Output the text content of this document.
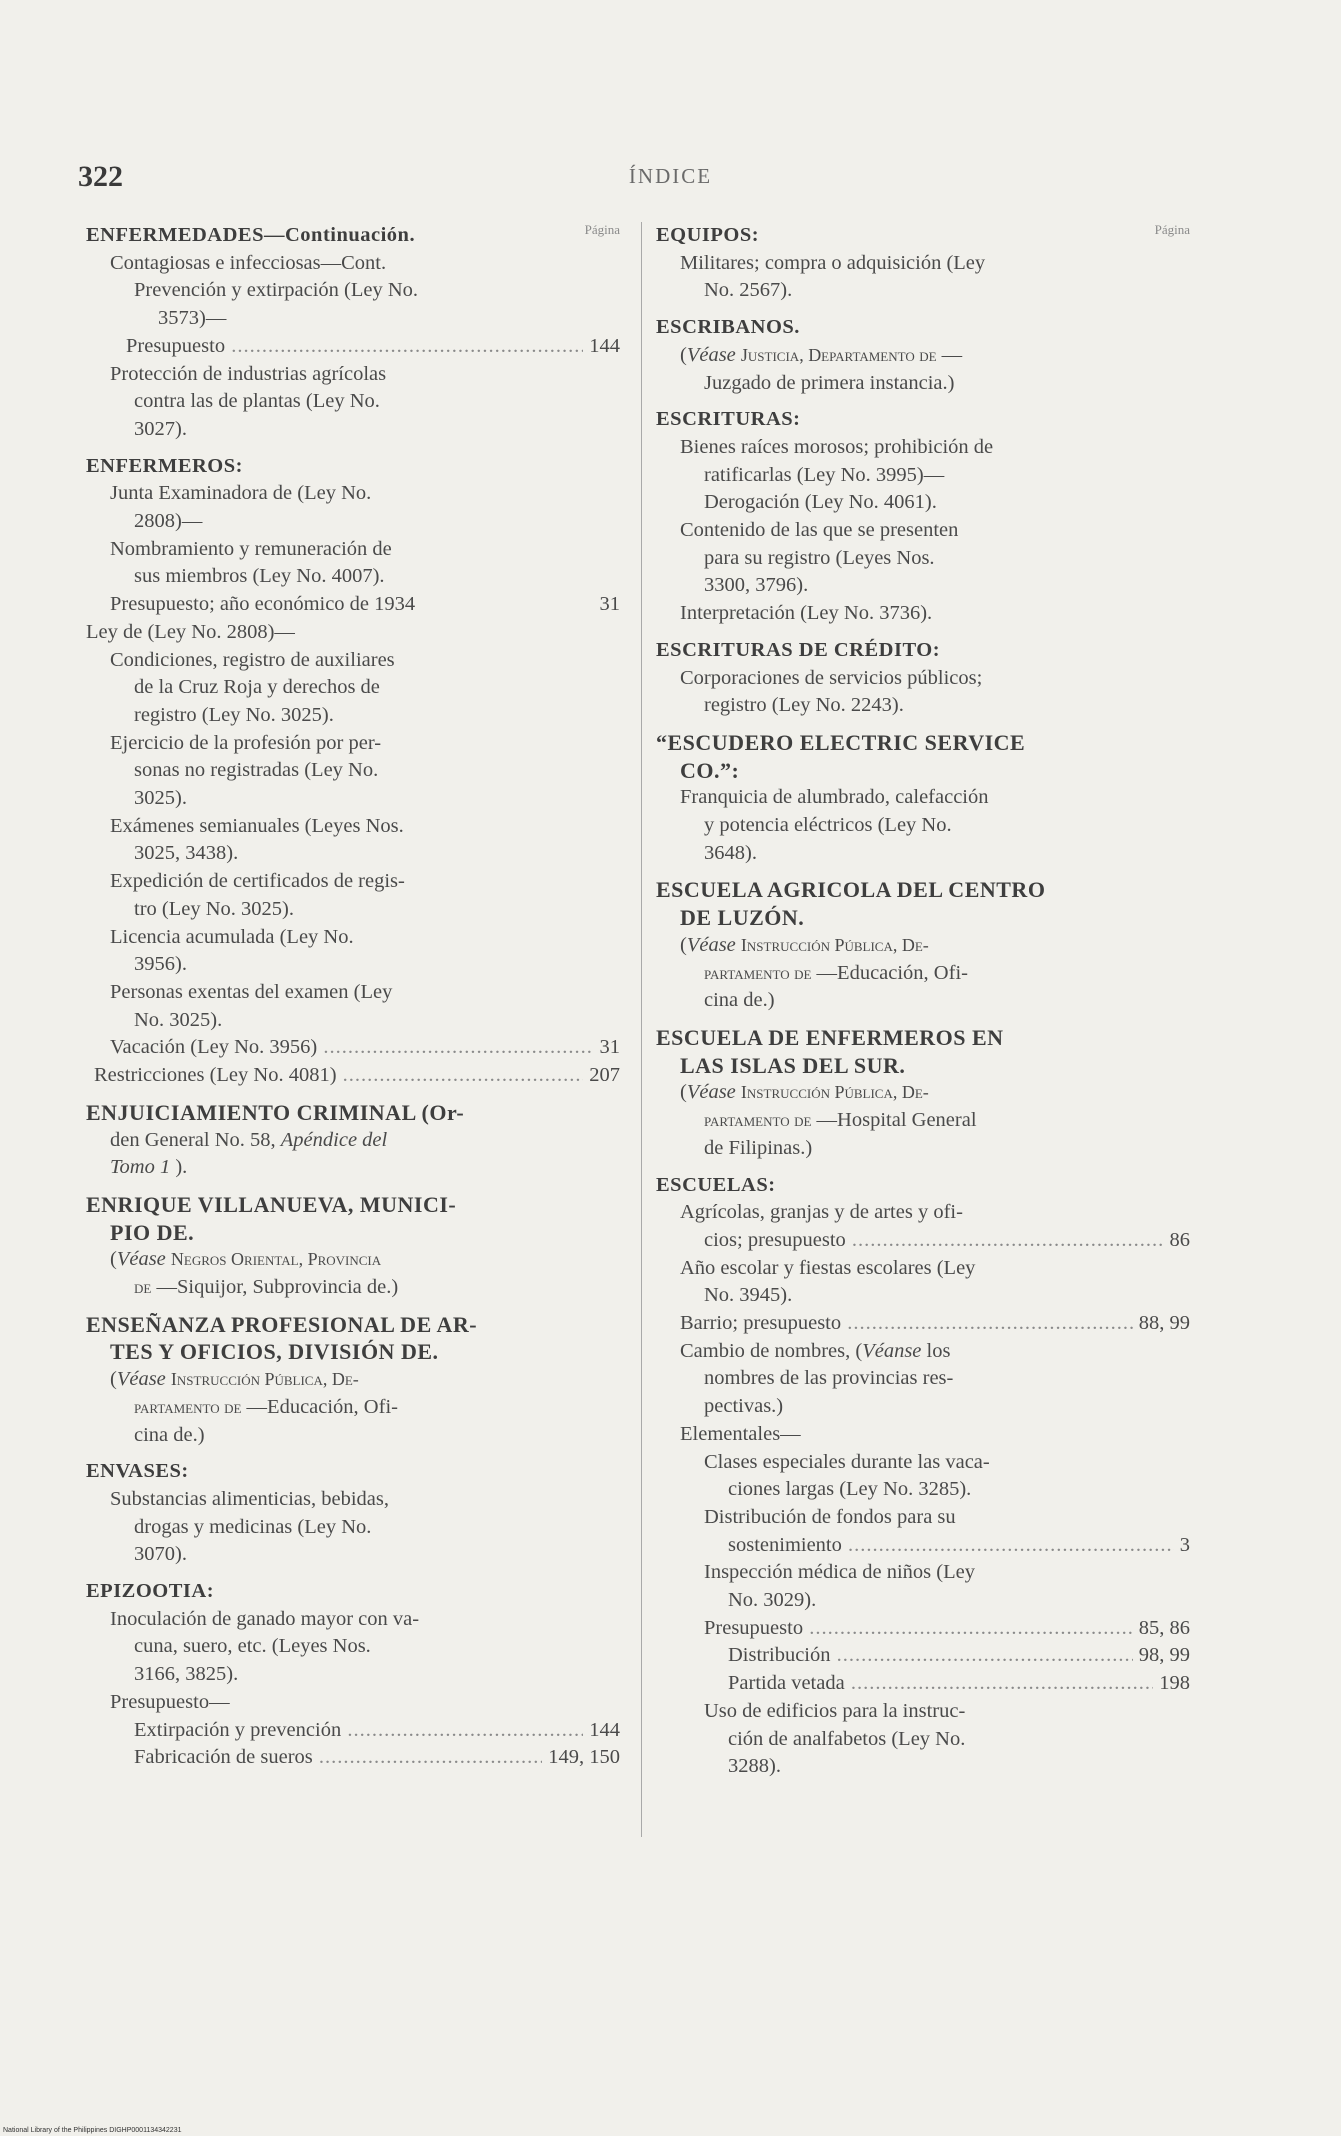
322	ÍNDICE
Página
ENFERMEDADES—Continuación.
Contagiosas e infecciosas—Cont.
Prevención y extirpación (Ley No.
3573)—
Presupuesto .....	144
Protección de industrias agrícolas
contra las de plantas (Ley No.
3027).
ENFERMEROS:
Junta Examinadora de (Ley No.
2808)—
Nombramiento y remuneración de
sus miembros (Ley No. 4007).
Presupuesto; año económico de 1934	31
Ley de (Ley No. 2808)—
Condiciones, registro de auxiliares
de la Cruz Roja y derechos de
registro (Ley No. 3025).
Ejercicio de la profesión por per-
sonas no registradas (Ley No.
3025).
Exámenes semianuales (Leyes Nos.
3025, 3438).
Expedición de certificados de regis-
tro (Ley No. 3025).
Licencia acumulada (Ley No.
3956).
Personas exentas del examen (Ley
No. 3025).
Vacación (Ley No. 3956) .....	31
Restricciones (Ley No. 4081) .....	207
ENJUICIAMIENTO CRIMINAL (Or-
den General No. 58, Apéndice del
Tomo 1 ).
ENRIQUE VILLANUEVA, MUNICI-
PIO DE.
(Véase Negros Oriental, Provincia
de —Siquijor, Subprovincia de.)
ENSEÑANZA PROFESIONAL DE AR-
TES Y OFICIOS, DIVISIÓN DE.
(Véase Instrucción Pública, De-
partamento de —Educación, Ofi-
cina de.)
ENVASES:
Substancias alimenticias, bebidas,
drogas y medicinas (Ley No.
3070).
EPIZOOTIA:
Inoculación de ganado mayor con va-
cuna, suero, etc. (Leyes Nos.
3166, 3825).
Presupuesto—
Extirpación y prevención .....	144
Fabricación de sueros .....	149, 150
Página
EQUIPOS:
Militares; compra o adquisición (Ley
No. 2567).
ESCRIBANOS.
(Véase Justicia, Departamento de —
Juzgado de primera instancia.)
ESCRITURAS:
Bienes raíces morosos; prohibición de
ratificarlas (Ley No. 3995)—
Derogación (Ley No. 4061).
Contenido de las que se presenten
para su registro (Leyes Nos.
3300, 3796).
Interpretación (Ley No. 3736).
ESCRITURAS DE CRÉDITO:
Corporaciones de servicios públicos;
registro (Ley No. 2243).
“ESCUDERO ELECTRIC SERVICE
CO.”:
Franquicia de alumbrado, calefacción
y potencia eléctricos (Ley No.
3648).
ESCUELA AGRICOLA DEL CENTRO
DE LUZÓN.
(Véase Instrucción Pública, De-
partamento de —Educación, Ofi-
cina de.)
ESCUELA DE ENFERMEROS EN
LAS ISLAS DEL SUR.
(Véase Instrucción Pública, De-
partamento de —Hospital General
de Filipinas.)
ESCUELAS:
Agrícolas, granjas y de artes y ofi-
cios; presupuesto .....	86
Año escolar y fiestas escolares (Ley
No. 3945).
Barrio; presupuesto .....	88, 99
Cambio de nombres, (Véanse los
nombres de las provincias res-
pectivas.)
Elementales—
Clases especiales durante las vaca-
ciones largas (Ley No. 3285).
Distribución de fondos para su
sostenimiento .....	3
Inspección médica de niños (Ley
No. 3029).
Presupuesto .....	85, 86
Distribución .....	98, 99
Partida vetada .....	198
Uso de edificios para la instruc-
ción de analfabetos (Ley No.
3288).
National Library of the Philippines DIGHP0001134342231
